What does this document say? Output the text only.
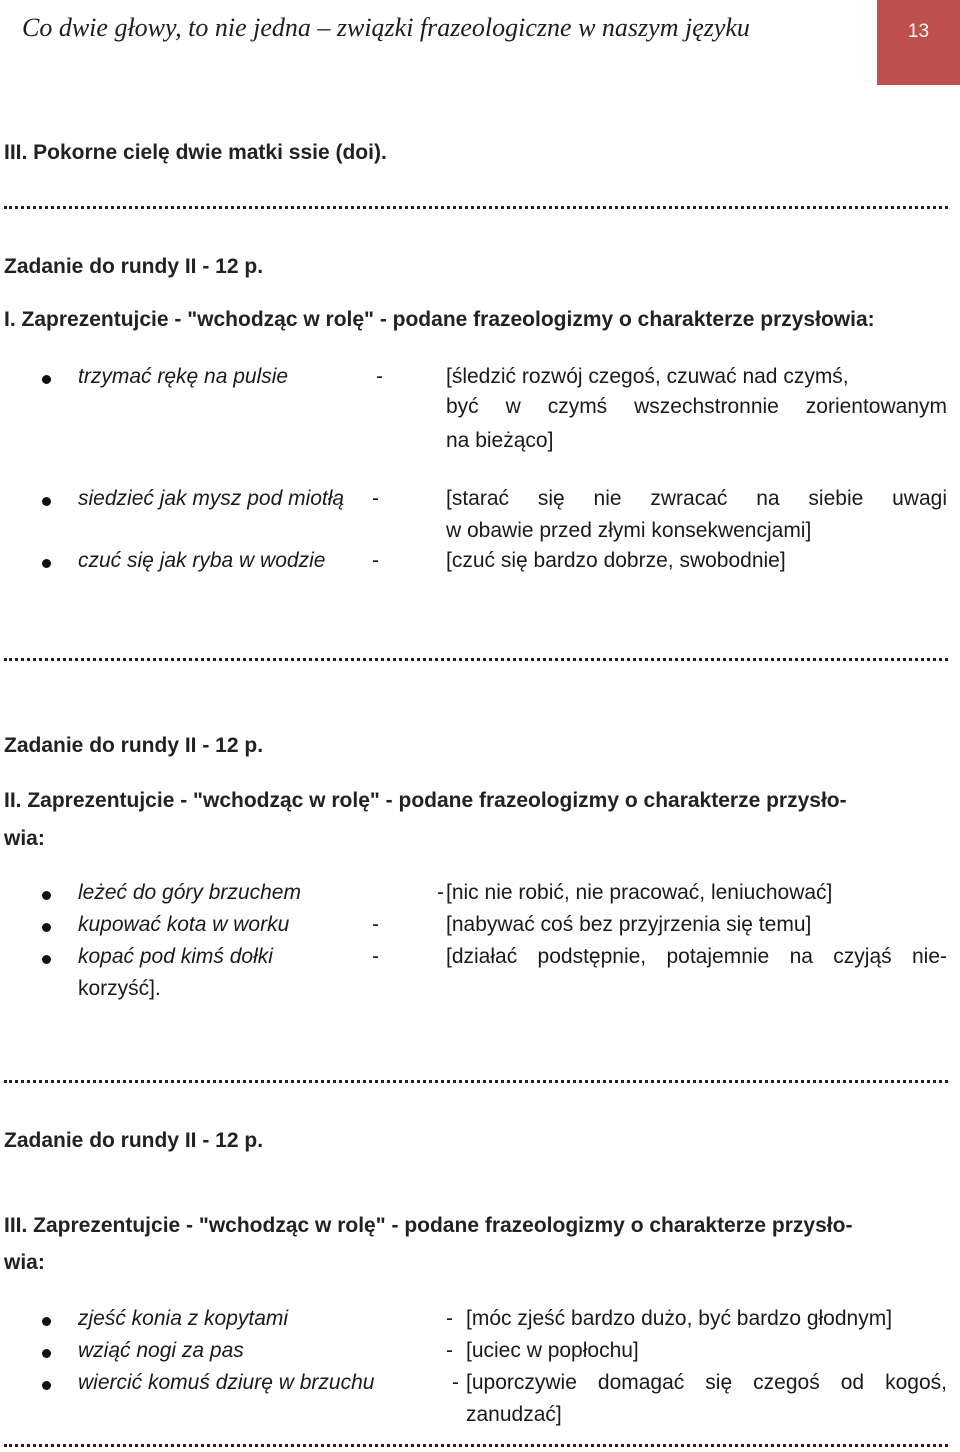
Co dwie głowy, to nie jedna – związki frazeologiczne w naszym języku	13
III. Pokorne cielę dwie matki ssie (doi).
Zadanie do rundy II - 12 p.
I. Zaprezentujcie - "wchodząc w rolę" - podane frazeologizmy o charakterze przysłowia:
trzymać rękę na pulsie	-	[śledzić rozwój czegoś, czuwać nad czymś,
być w czymś wszechstronnie zorientowanym
na bieżąco]
siedzieć jak mysz pod miotłą -	[starać się nie zwracać na siebie uwagi
w obawie przed złymi konsekwencjami]
czuć się jak ryba w wodzie -	[czuć się bardzo dobrze, swobodnie]
Zadanie do rundy II - 12 p.
II. Zaprezentujcie - "wchodząc w rolę" - podane frazeologizmy o charakterze przysło-
wia:
leżeć do góry brzuchem	- [nic nie robić, nie pracować, leniuchować]
kupować kota w worku	-	[nabywać coś bez przyjrzenia się temu]
kopać pod kimś dołki	-	[działać podstępnie, potajemnie na czyjąś nie-
korzyść].
Zadanie do rundy II - 12 p.
III. Zaprezentujcie - "wchodząc w rolę" - podane frazeologizmy o charakterze przysło-
wia:
zjeść konia z kopytami	- [móc zjeść bardzo dużo, być bardzo głodnym]
wziąć nogi za pas	- [uciec w popłochu]
wiercić komuś dziurę w brzuchu	- [uporczywie domagać się czegoś od kogoś,
zanudzać]
